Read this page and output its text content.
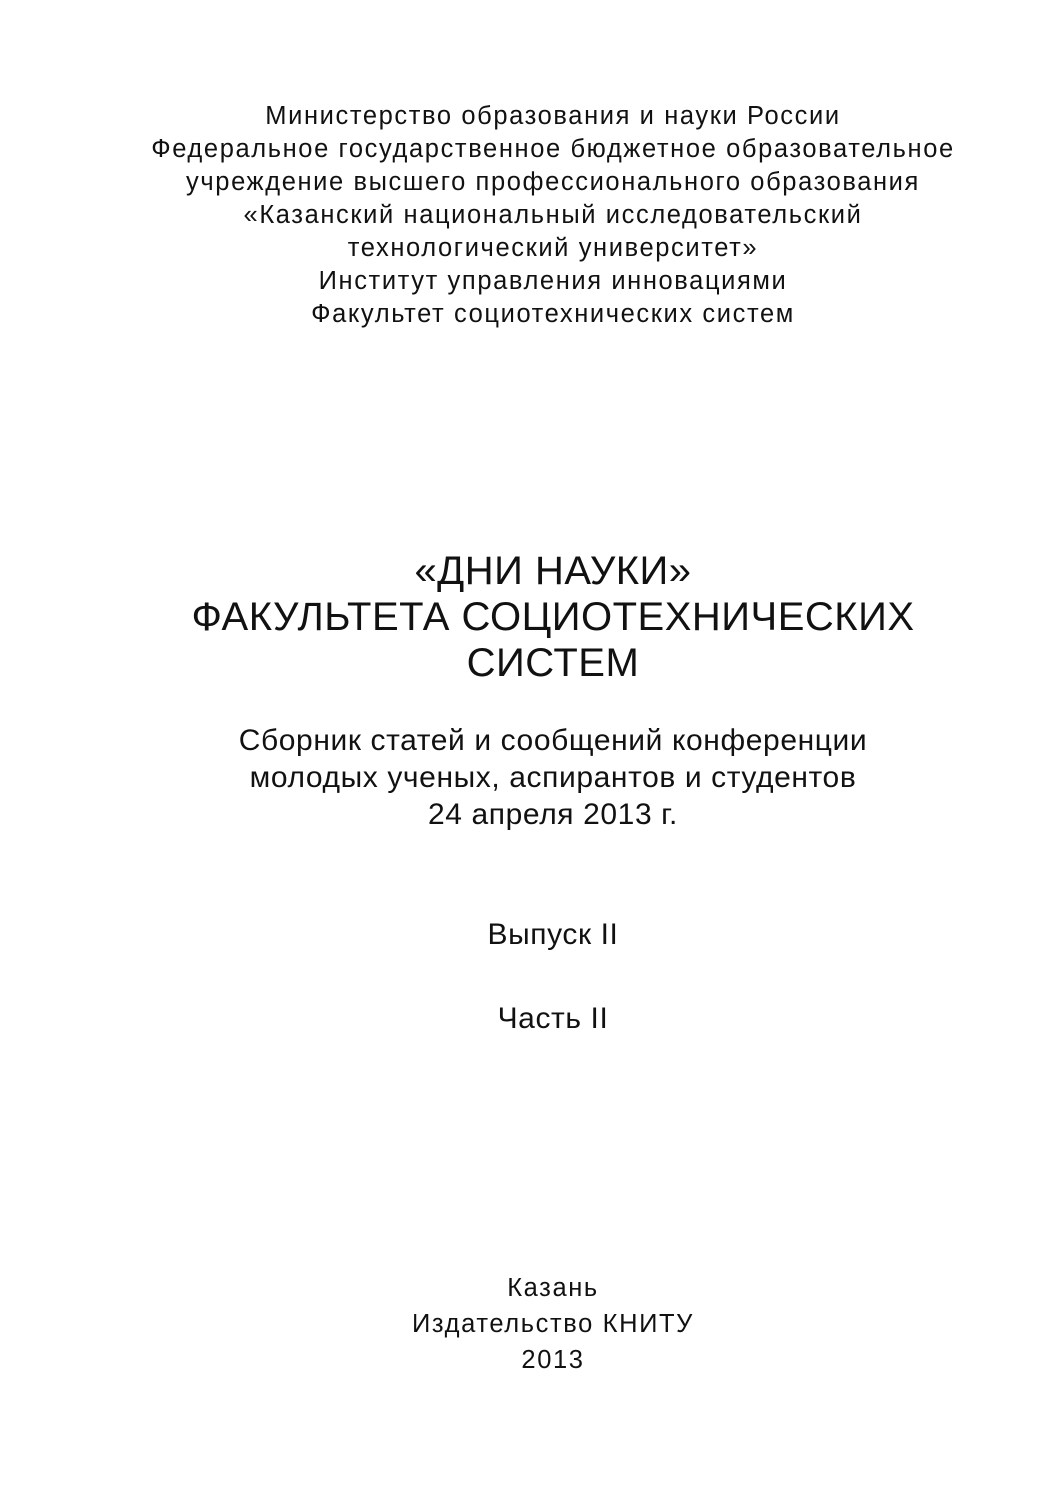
Министерство образования и науки России
Федеральное государственное бюджетное образовательное
учреждение высшего профессионального образования
«Казанский национальный исследовательский
технологический университет»
Институт управления инновациями
Факультет социотехнических систем
«ДНИ НАУКИ»
ФАКУЛЬТЕТА СОЦИОТЕХНИЧЕСКИХ
СИСТЕМ
Сборник статей и сообщений конференции
молодых ученых, аспирантов и студентов
24 апреля 2013 г.
Выпуск II
Часть II
Казань
Издательство КНИТУ
2013
